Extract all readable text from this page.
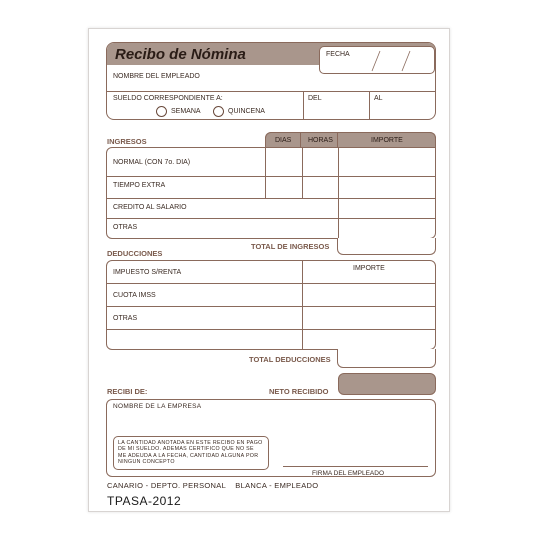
Recibo de Nómina	FECHA
NOMBRE DEL EMPLEADO
SUELDO CORRESPONDIENTE A:
SEMANA	QUINCENA
DEL	AL
INGRESOS	DIAS HORAS	IMPORTE
NORMAL (CON 7o. DIA)
TIEMPO EXTRA
CREDITO AL SALARIO
OTRAS
TOTAL DE INGRESOS
DEDUCCIONES
IMPUESTO S/RENTA
CUOTA IMSS
OTRAS
IMPORTE
TOTAL DEDUCCIONES
RECIBI DE:	NETO RECIBIDO
NOMBRE DE LA EMPRESA
LA CANTIDAD ANOTADA EN ESTE RECIBO EN PAGO DE MI SUELDO. ADEMAS CERTIFICO QUE NO SE ME ADEUDA A LA FECHA, CANTIDAD ALGUNA POR NINGUN CONCEPTO
FIRMA DEL EMPLEADO
CANARIO - DEPTO. PERSONAL    BLANCA - EMPLEADO
TPASA-2012
